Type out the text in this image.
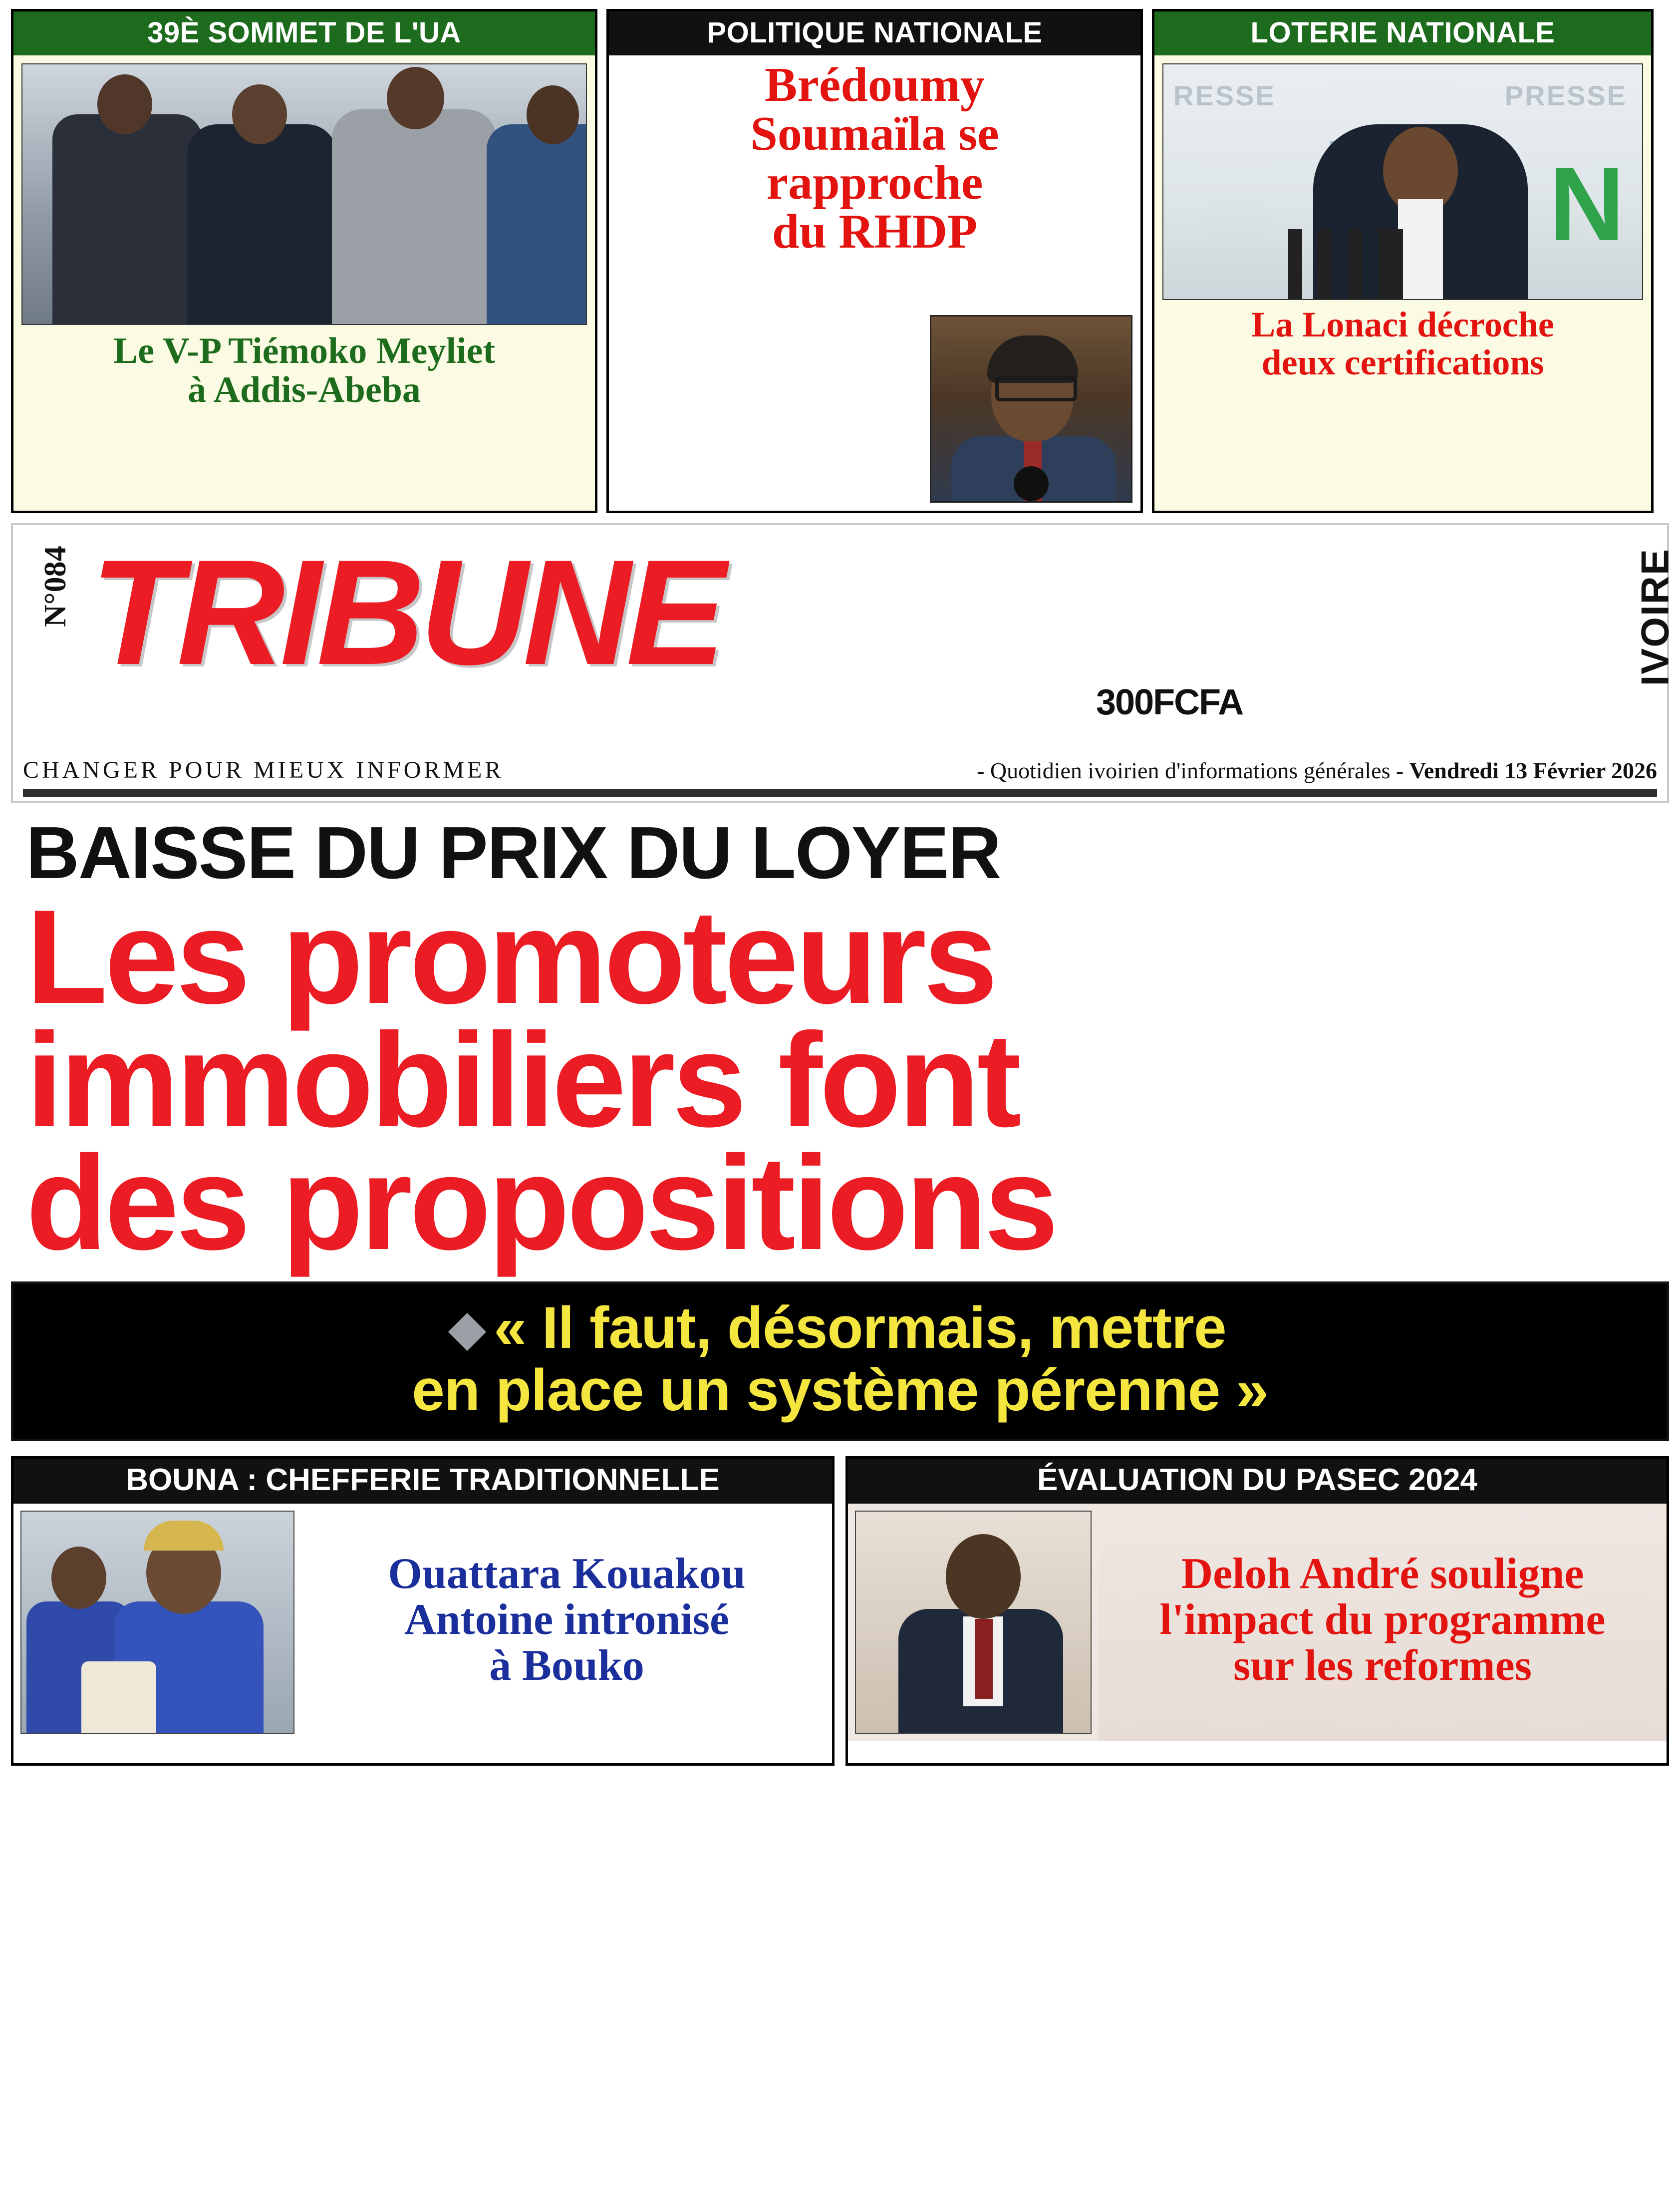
39È SOMMET DE L'UA
Le V-P Tiémoko Meyliet
à Addis-Abeba
POLITIQUE NATIONALE
Brédoumy
Soumaïla se
rapproche
du RHDP
LOTERIE NATIONALE
RESSE	PRESSE
N
La Lonaci décroche
deux certifications
N°084 TRIBUNE	IVOIRE
300FCFA
CHANGER POUR MIEUX INFORMER	- Quotidien ivoirien d'informations générales - Vendredi 13 Février 2026
BAISSE DU PRIX DU LOYER
Les promoteurs
immobiliers font
des propositions
« Il faut, désormais, mettre
en place un système pérenne »
BOUNA : CHEFFERIE TRADITIONNELLE
Ouattara Kouakou
Antoine intronisé
à Bouko
ÉVALUATION DU PASEC 2024
Deloh André souligne
l'impact du programme
sur les reformes
